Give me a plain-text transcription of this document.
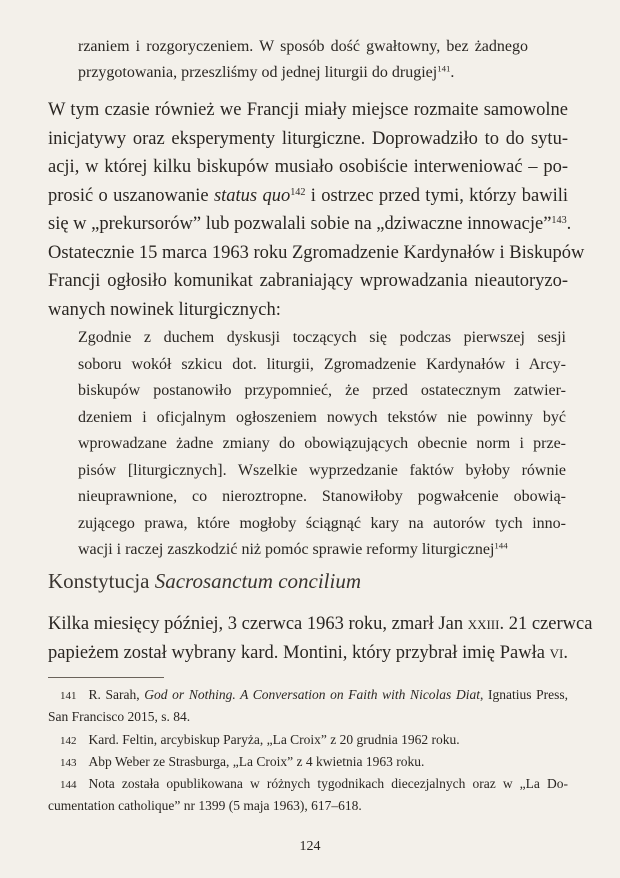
rzaniem i rozgoryczeniem. W sposób dość gwałtowny, bez żadnego
przygotowania, przeszliśmy od jednej liturgii do drugiej$^{141}$.
W tym czasie również we Francji miały miejsce rozmaite samowolne
inicjatywy oraz eksperymenty liturgiczne. Doprowadziło to do sytu-
acji, w której kilku biskupów musiało osobiście interweniować – po-
prosić o uszanowanie status quo$^{142}$ i ostrzec przed tymi, którzy bawili
się w „prekursorów” lub pozwalali sobie na „dziwaczne innowacje”$^{143}$.
Ostatecznie 15 marca 1963 roku Zgromadzenie Kardynałów i Biskupów
Francji ogłosiło komunikat zabraniający wprowadzania nieautoryzo-
wanych nowinek liturgicznych:
Zgodnie z duchem dyskusji toczących się podczas pierwszej sesji
soboru wokół szkicu dot. liturgii, Zgromadzenie Kardynałów i Arcy-
biskupów postanowiło przypomnieć, że przed ostatecznym zatwier-
dzeniem i oficjalnym ogłoszeniem nowych tekstów nie powinny być
wprowadzane żadne zmiany do obowiązujących obecnie norm i prze-
pisów [liturgicznych]. Wszelkie wyprzedzanie faktów byłoby równie
nieuprawnione, co nieroztropne. Stanowiłoby pogwałcenie obowią-
zującego prawa, które mogłoby ściągnąć kary na autorów tych inno-
wacji i raczej zaszkodzić niż pomóc sprawie reformy liturgicznej$^{144}$
Konstytucja Sacrosanctum concilium
Kilka miesięcy później, 3 czerwca 1963 roku, zmarł Jan xxiii. 21 czerwca
papieżem został wybrany kard. Montini, który przybrał imię Pawła vi.
141 R. Sarah, God or Nothing. A Conversation on Faith with Nicolas Diat, Ignatius Press,
San Francisco 2015, s. 84.
142 Kard. Feltin, arcybiskup Paryża, „La Croix” z 20 grudnia 1962 roku.
143 Abp Weber ze Strasburga, „La Croix” z 4 kwietnia 1963 roku.
144 Nota została opublikowana w różnych tygodnikach diecezjalnych oraz w „La Do-
cumentation catholique” nr 1399 (5 maja 1963), 617–618.
124
